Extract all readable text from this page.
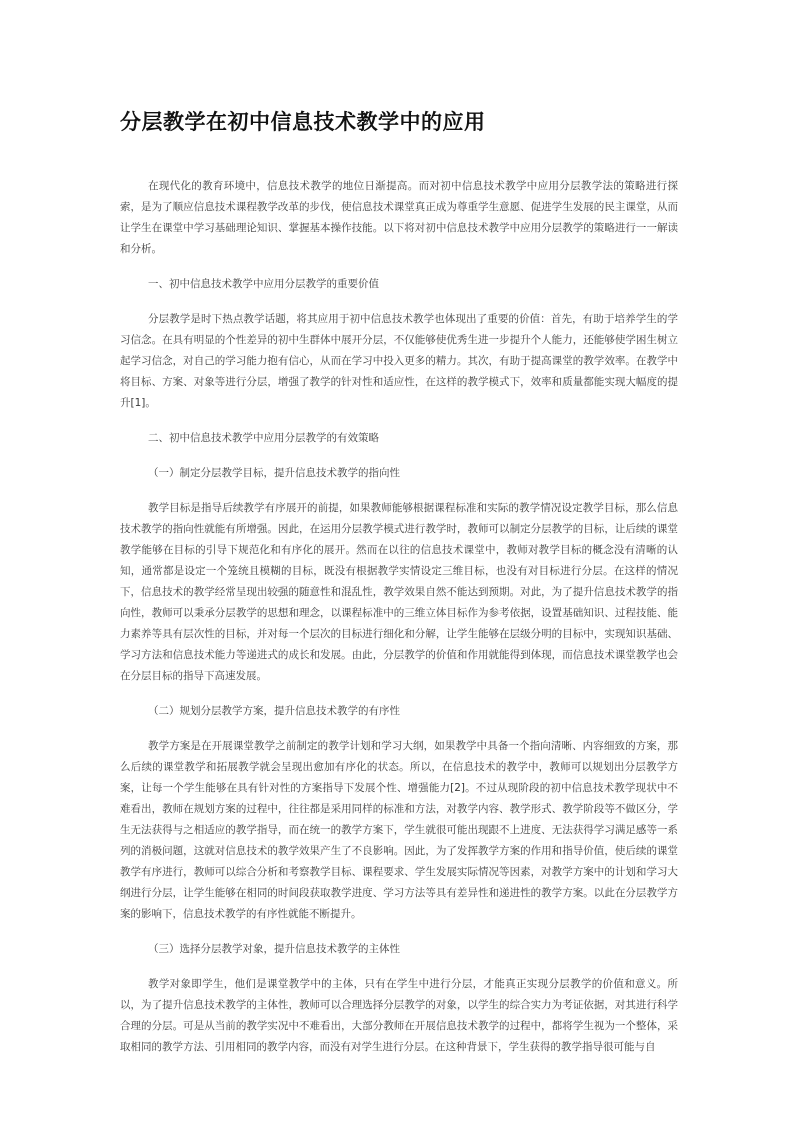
分层教学在初中信息技术教学中的应用

在现代化的教育环境中，信息技术教学的地位日渐提高。而对初中信息技术教学中应用分层教学法的策略进行探索，是为了顺应信息技术课程教学改革的步伐，使信息技术课堂真正成为尊重学生意愿、促进学生发展的民主课堂，从而让学生在课堂中学习基础理论知识、掌握基本操作技能。以下将对初中信息技术教学中应用分层教学的策略进行一一解读和分析。

一、初中信息技术教学中应用分层教学的重要价值

分层教学是时下热点教学话题，将其应用于初中信息技术教学也体现出了重要的价值：首先，有助于培养学生的学习信念。在具有明显的个性差异的初中生群体中展开分层，不仅能够使优秀生进一步提升个人能力，还能够使学困生树立起学习信念，对自己的学习能力抱有信心，从而在学习中投入更多的精力。其次，有助于提高课堂的教学效率。在教学中将目标、方案、对象等进行分层，增强了教学的针对性和适应性，在这样的教学模式下，效率和质量都能实现大幅度的提升[1]。

二、初中信息技术教学中应用分层教学的有效策略

（一）制定分层教学目标，提升信息技术教学的指向性

教学目标是指导后续教学有序展开的前提，如果教师能够根据课程标准和实际的教学情况设定教学目标，那么信息技术教学的指向性就能有所增强。因此，在运用分层教学模式进行教学时，教师可以制定分层教学的目标，让后续的课堂教学能够在目标的引导下规范化和有序化的展开。然而在以往的信息技术课堂中，教师对教学目标的概念没有清晰的认知，通常都是设定一个笼统且模糊的目标，既没有根据教学实情设定三维目标，也没有对目标进行分层。在这样的情况下，信息技术的教学经常呈现出较强的随意性和混乱性，教学效果自然不能达到预期。对此，为了提升信息技术教学的指向性，教师可以秉承分层教学的思想和理念，以课程标准中的三维立体目标作为参考依据，设置基础知识、过程技能、能力素养等具有层次性的目标，并对每一个层次的目标进行细化和分解，让学生能够在层级分明的目标中，实现知识基础、学习方法和信息技术能力等递进式的成长和发展。由此，分层教学的价值和作用就能得到体现，而信息技术课堂教学也会在分层目标的指导下高速发展。

（二）规划分层教学方案，提升信息技术教学的有序性

教学方案是在开展课堂教学之前制定的教学计划和学习大纲，如果教学中具备一个指向清晰、内容细致的方案，那么后续的课堂教学和拓展教学就会呈现出愈加有序化的状态。所以，在信息技术的教学中，教师可以规划出分层教学方案，让每一个学生能够在具有针对性的方案指导下发展个性、增强能力[2]。不过从现阶段的初中信息技术教学现状中不难看出，教师在规划方案的过程中，往往都是采用同样的标准和方法，对教学内容、教学形式、教学阶段等不做区分，学生无法获得与之相适应的教学指导，而在统一的教学方案下，学生就很可能出现跟不上进度、无法获得学习满足感等一系列的消极问题，这就对信息技术的教学效果产生了不良影响。因此，为了发挥教学方案的作用和指导价值，使后续的课堂教学有序进行，教师可以综合分析和考察教学目标、课程要求、学生发展实际情况等因素，对教学方案中的计划和学习大纲进行分层，让学生能够在相同的时间段获取教学进度、学习方法等具有差异性和递进性的教学方案。以此在分层教学方案的影响下，信息技术教学的有序性就能不断提升。

（三）选择分层教学对象，提升信息技术教学的主体性

教学对象即学生，他们是课堂教学中的主体，只有在学生中进行分层，才能真正实现分层教学的价值和意义。所以，为了提升信息技术教学的主体性，教师可以合理选择分层教学的对象，以学生的综合实力为考证依据，对其进行科学合理的分层。可是从当前的教学实况中不难看出，大部分教师在开展信息技术教学的过程中，都将学生视为一个整体，采取相同的教学方法、引用相同的教学内容，而没有对学生进行分层。在这种背景下，学生获得的教学指导很可能与自
